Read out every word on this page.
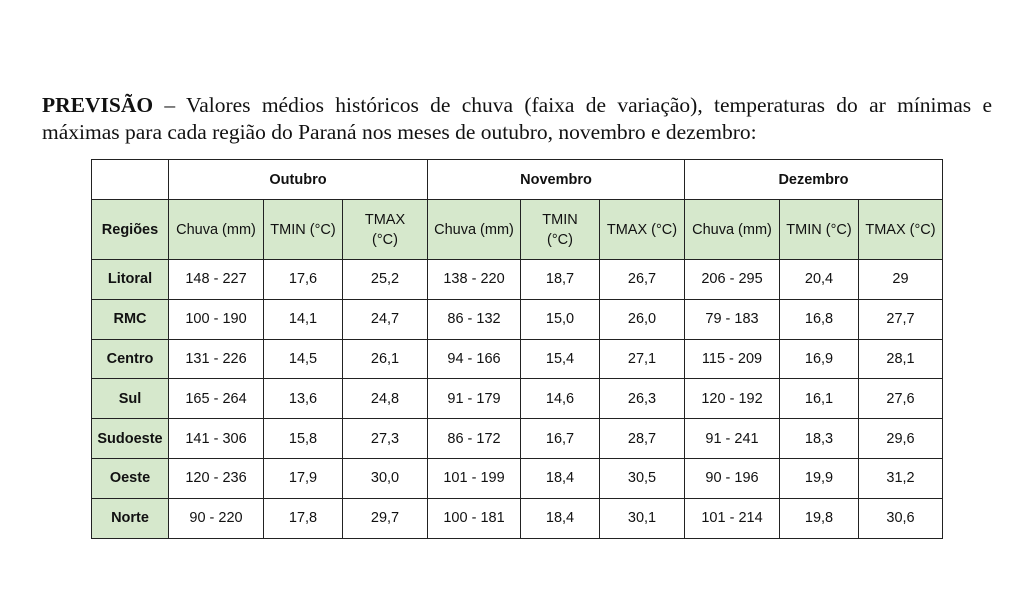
PREVISÃO – Valores médios históricos de chuva (faixa de variação), temperaturas do ar mínimas e máximas para cada região do Paraná nos meses de outubro, novembro e dezembro:

	Outubro			Novembro			Dezembro		
Regiões	Chuva (mm)	TMIN (°C)	TMAX (°C)	Chuva (mm)	TMIN (°C)	TMAX (°C)	Chuva (mm)	TMIN (°C)	TMAX (°C)
Litoral	148 - 227	17,6	25,2	138 - 220	18,7	26,7	206 - 295	20,4	29
RMC	100 - 190	14,1	24,7	86 - 132	15,0	26,0	79 - 183	16,8	27,7
Centro	131 - 226	14,5	26,1	94 - 166	15,4	27,1	115 - 209	16,9	28,1
Sul	165 - 264	13,6	24,8	91 - 179	14,6	26,3	120 - 192	16,1	27,6
Sudoeste	141 - 306	15,8	27,3	86 - 172	16,7	28,7	91 - 241	18,3	29,6
Oeste	120 - 236	17,9	30,0	101 - 199	18,4	30,5	90 - 196	19,9	31,2
Norte	90 - 220	17,8	29,7	100 - 181	18,4	30,1	101 - 214	19,8	30,6
